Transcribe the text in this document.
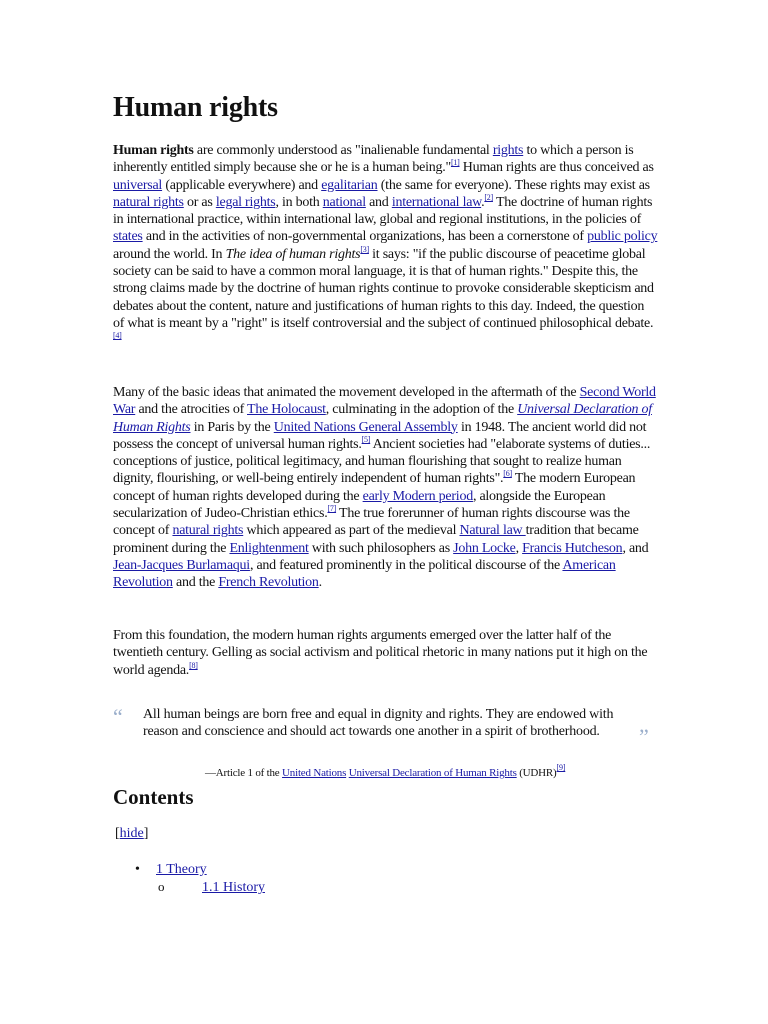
Human rights

Human rights are commonly understood as "inalienable fundamental rights to which a person is inherently entitled simply because she or he is a human being."[1] Human rights are thus conceived as universal (applicable everywhere) and egalitarian (the same for everyone). These rights may exist as natural rights or as legal rights, in both national and international law.[2] The doctrine of human rights in international practice, within international law, global and regional institutions, in the policies of states and in the activities of non-governmental organizations, has been a cornerstone of public policy around the world. In The idea of human rights[3] it says: "if the public discourse of peacetime global society can be said to have a common moral language, it is that of human rights." Despite this, the strong claims made by the doctrine of human rights continue to provoke considerable skepticism and debates about the content, nature and justifications of human rights to this day. Indeed, the question of what is meant by a "right" is itself controversial and the subject of continued philosophical debate.[4]

Many of the basic ideas that animated the movement developed in the aftermath of the Second World War and the atrocities of The Holocaust, culminating in the adoption of the Universal Declaration of Human Rights in Paris by the United Nations General Assembly in 1948. The ancient world did not possess the concept of universal human rights.[5] Ancient societies had "elaborate systems of duties... conceptions of justice, political legitimacy, and human flourishing that sought to realize human dignity, flourishing, or well-being entirely independent of human rights".[6] The modern European concept of human rights developed during the early Modern period, alongside the European secularization of Judeo-Christian ethics.[7] The true forerunner of human rights discourse was the concept of natural rights which appeared as part of the medieval Natural law tradition that became prominent during the Enlightenment with such philosophers as John Locke, Francis Hutcheson, and Jean-Jacques Burlamaqui, and featured prominently in the political discourse of the American Revolution and the French Revolution.

From this foundation, the modern human rights arguments emerged over the latter half of the twentieth century. Gelling as social activism and political rhetoric in many nations put it high on the world agenda.[8]

“ All human beings are born free and equal in dignity and rights. They are endowed with reason and conscience and should act towards one another in a spirit of brotherhood.	”
—Article 1 of the United Nations Universal Declaration of Human Rights (UDHR)[9]
Contents
[hide]
• 1 Theory
o	1.1 History
